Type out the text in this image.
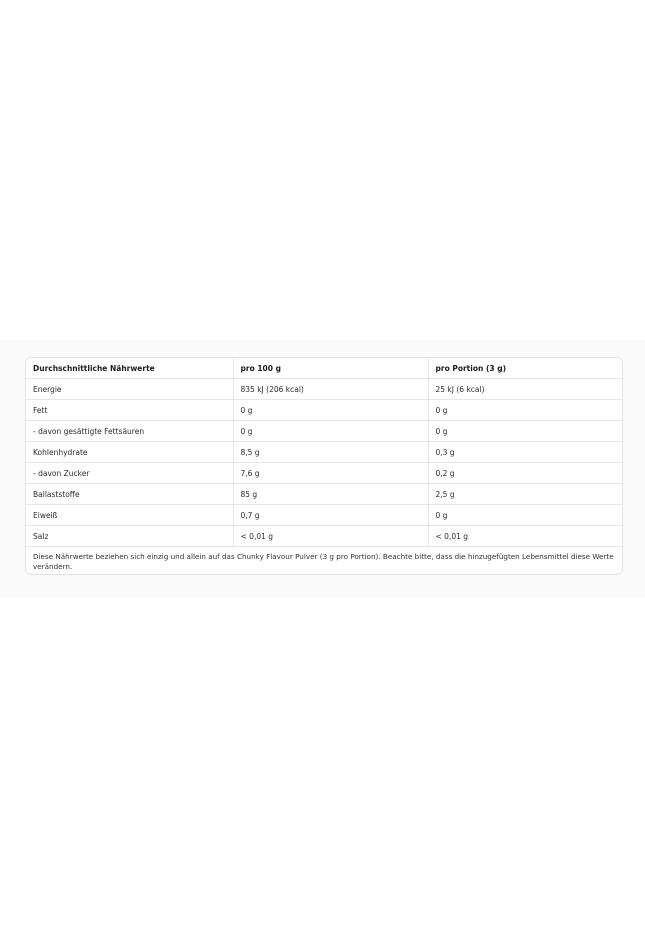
Durchschnittliche Nährwerte	pro 100 g	pro Portion (3 g)
Energie	835 kJ (206 kcal)	25 kJ (6 kcal)
Fett	0 g	0 g
- davon gesättigte Fettsäuren	0 g	0 g
Kohlenhydrate	8,5 g	0,3 g
- davon Zucker	7,6 g	0,2 g
Ballaststoffe	85 g	2,5 g
Eiweiß	0,7 g	0 g
Salz	< 0,01 g	< 0,01 g
Diese Nährwerte beziehen sich einzig und allein auf das Chunky Flavour Pulver (3 g pro Portion). Beachte bitte, dass die hinzugefügten Lebensmittel diese Werte verändern.		
